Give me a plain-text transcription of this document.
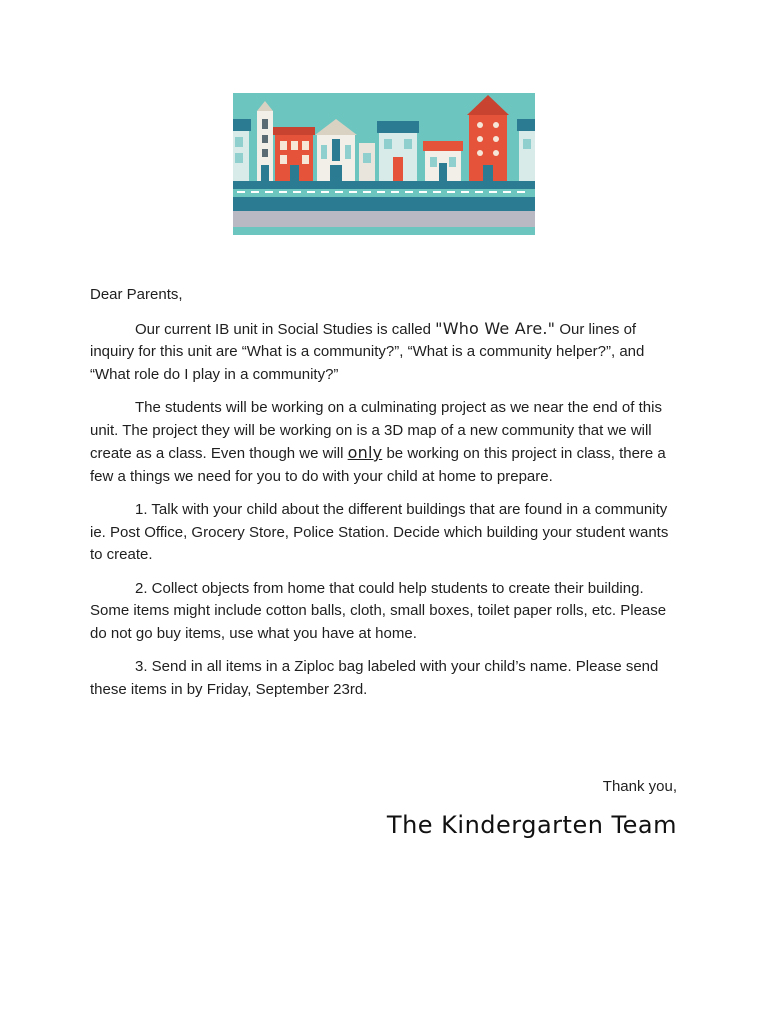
Dear Parents,

Our current IB unit in Social Studies is called "Who We Are." Our lines of inquiry for this unit are “What is a community?”, “What is a community helper?”, and “What role do I play in a community?”

The students will be working on a culminating project as we near the end of this unit. The project they will be working on is a 3D map of a new community that we will create as a class. Even though we will only be working on this project in class, there a few a things we need for you to do with your child at home to prepare.

1. Talk with your child about the different buildings that are found in a community ie. Post Office, Grocery Store, Police Station. Decide which building your student wants to create.

2. Collect objects from home that could help students to create their building. Some items might include cotton balls, cloth, small boxes, toilet paper rolls, etc. Please do not go buy items, use what you have at home.

3. Send in all items in a Ziploc bag labeled with your child’s name. Please send these items in by Friday, September 23rd.

Thank you,
The Kindergarten Team
